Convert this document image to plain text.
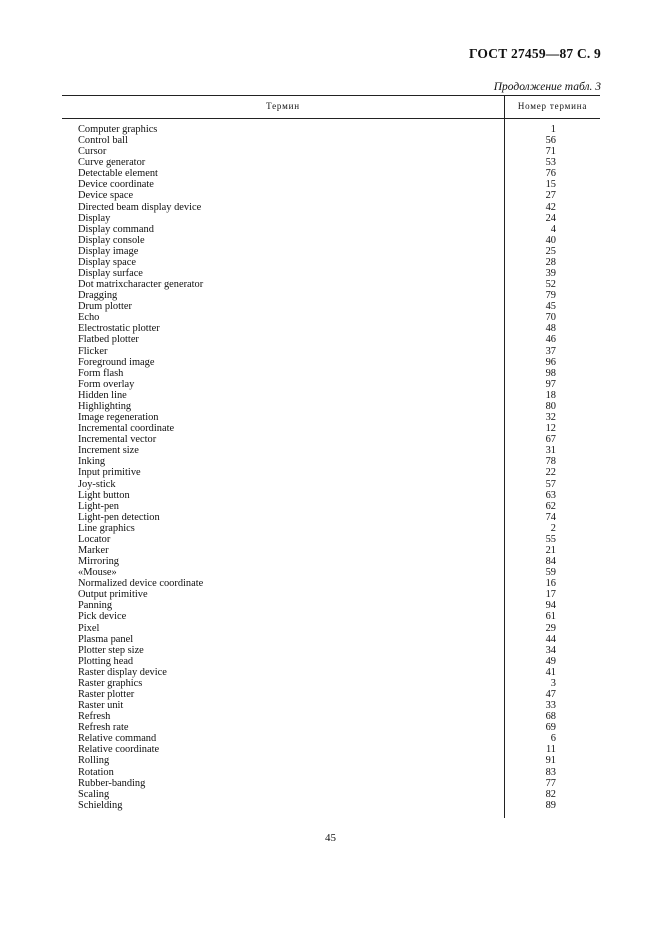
ГОСТ 27459—87 С. 9
Продолжение табл. 3
Термин	Номер термина
Computer graphics	1
Control ball	56
Cursor	71
Curve generator	53
Detectable element	76
Device coordinate	15
Device space	27
Directed beam display device	42
Display	24
Display command	4
Display console	40
Display image	25
Display space	28
Display surface	39
Dot matrixcharacter generator	52
Dragging	79
Drum plotter	45
Echo	70
Electrostatic plotter	48
Flatbed plotter	46
Flicker	37
Foreground image	96
Form flash	98
Form overlay	97
Hidden line	18
Highlighting	80
Image regeneration	32
Incremental coordinate	12
Incremental vector	67
Increment size	31
Inking	78
Input primitive	22
Joy-stick	57
Light button	63
Light-pen	62
Light-pen detection	74
Line graphics	2
Locator	55
Marker	21
Mirroring	84
«Mouse»	59
Normalized device coordinate	16
Output primitive	17
Panning	94
Pick device	61
Pixel	29
Plasma panel	44
Plotter step size	34
Plotting head	49
Raster display device	41
Raster graphics	3
Raster plotter	47
Raster unit	33
Refresh	68
Refresh rate	69
Relative command	6
Relative coordinate	11
Rolling	91
Rotation	83
Rubber-banding	77
Scaling	82
Schielding	89
45
